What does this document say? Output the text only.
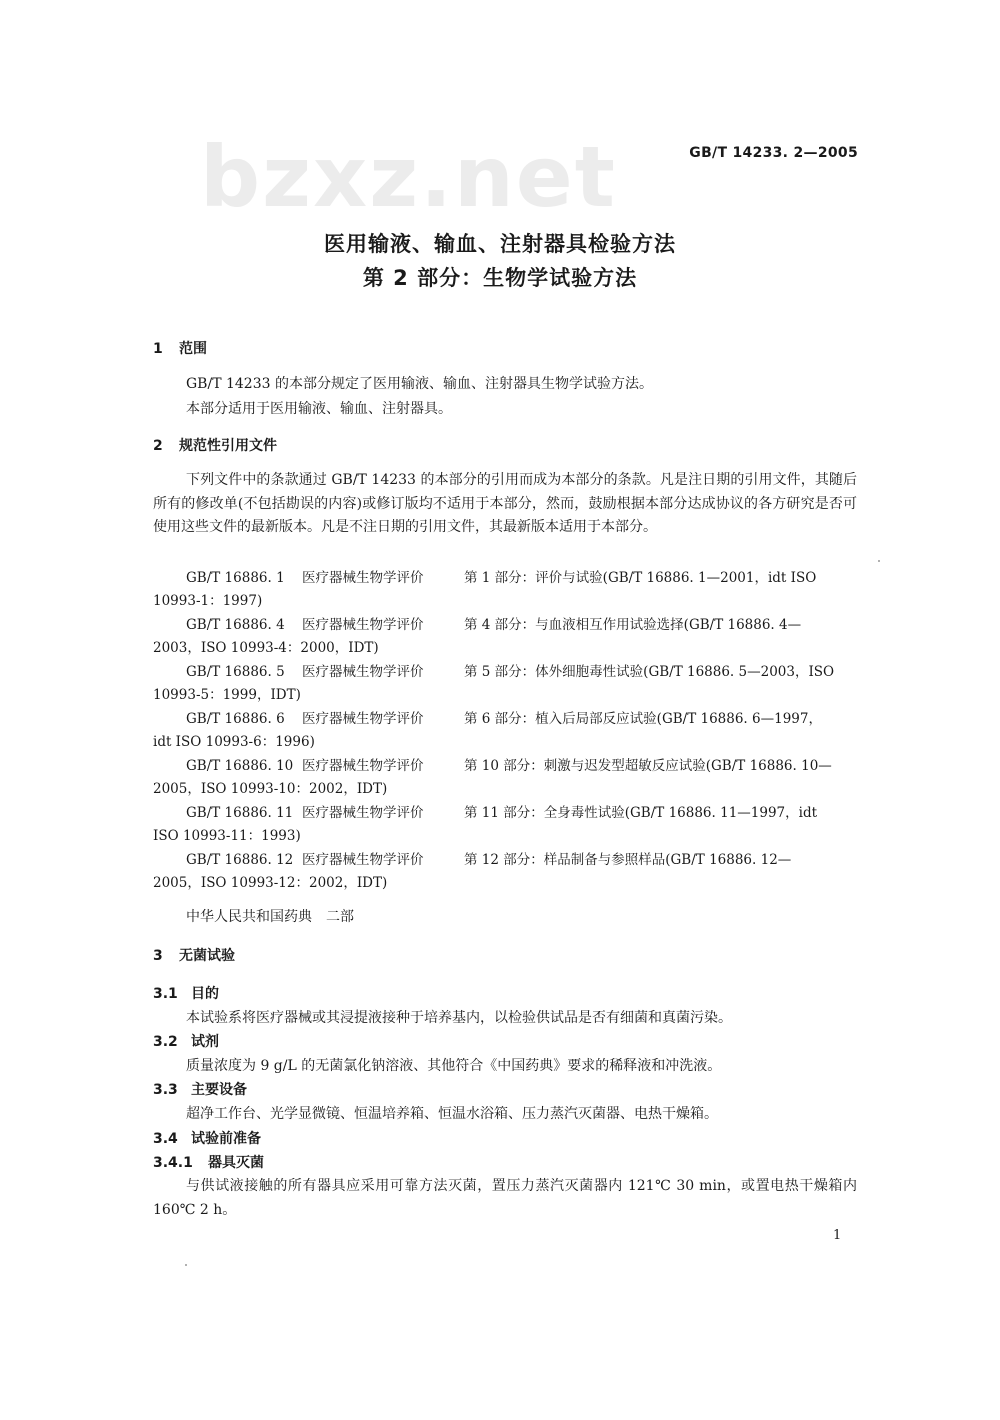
bzxz.net	GB/T 14233. 2—2005
医用输液、输血、注射器具检验方法
第 2 部分：生物学试验方法
1 范围
GB/T 14233 的本部分规定了医用输液、输血、注射器具生物学试验方法。
本部分适用于医用输液、输血、注射器具。
2 规范性引用文件
下列文件中的条款通过 GB/T 14233 的本部分的引用而成为本部分的条款。凡是注日期的引用文件，其随后所有的修改单(不包括勘误的内容)或修订版均不适用于本部分，然而，鼓励根据本部分达成协议的各方研究是否可使用这些文件的最新版本。凡是不注日期的引用文件，其最新版本适用于本部分。
GB/T 16886. 1 医疗器械生物学评价	第 1 部分：评价与试验(GB/T 16886. 1—2001，idt ISO
10993-1：1997)
GB/T 16886. 4 医疗器械生物学评价	第 4 部分：与血液相互作用试验选择(GB/T 16886. 4—
2003，ISO 10993-4：2000，IDT)
GB/T 16886. 5 医疗器械生物学评价	第 5 部分：体外细胞毒性试验(GB/T 16886. 5—2003，ISO
10993-5：1999，IDT)
GB/T 16886. 6 医疗器械生物学评价	第 6 部分：植入后局部反应试验(GB/T 16886. 6—1997，
idt ISO 10993-6：1996)
GB/T 16886. 10 医疗器械生物学评价	第 10 部分：刺激与迟发型超敏反应试验(GB/T 16886. 10—
2005，ISO 10993-10：2002，IDT)
GB/T 16886. 11 医疗器械生物学评价	第 11 部分：全身毒性试验(GB/T 16886. 11—1997，idt
ISO 10993-11：1993)
GB/T 16886. 12 医疗器械生物学评价	第 12 部分：样品制备与参照样品(GB/T 16886. 12—
2005，ISO 10993-12：2002，IDT)
中华人民共和国药典　二部
3 无菌试验
3.1 目的
本试验系将医疗器械或其浸提液接种于培养基内，以检验供试品是否有细菌和真菌污染。
3.2 试剂
质量浓度为 9 g/L 的无菌氯化钠溶液、其他符合《中国药典》要求的稀释液和冲洗液。
3.3 主要设备
超净工作台、光学显微镜、恒温培养箱、恒温水浴箱、压力蒸汽灭菌器、电热干燥箱。
3.4 试验前准备
3.4.1 器具灭菌
与供试液接触的所有器具应采用可靠方法灭菌，置压力蒸汽灭菌器内 121℃ 30 min，或置电热干燥箱内 160℃ 2 h。
1
